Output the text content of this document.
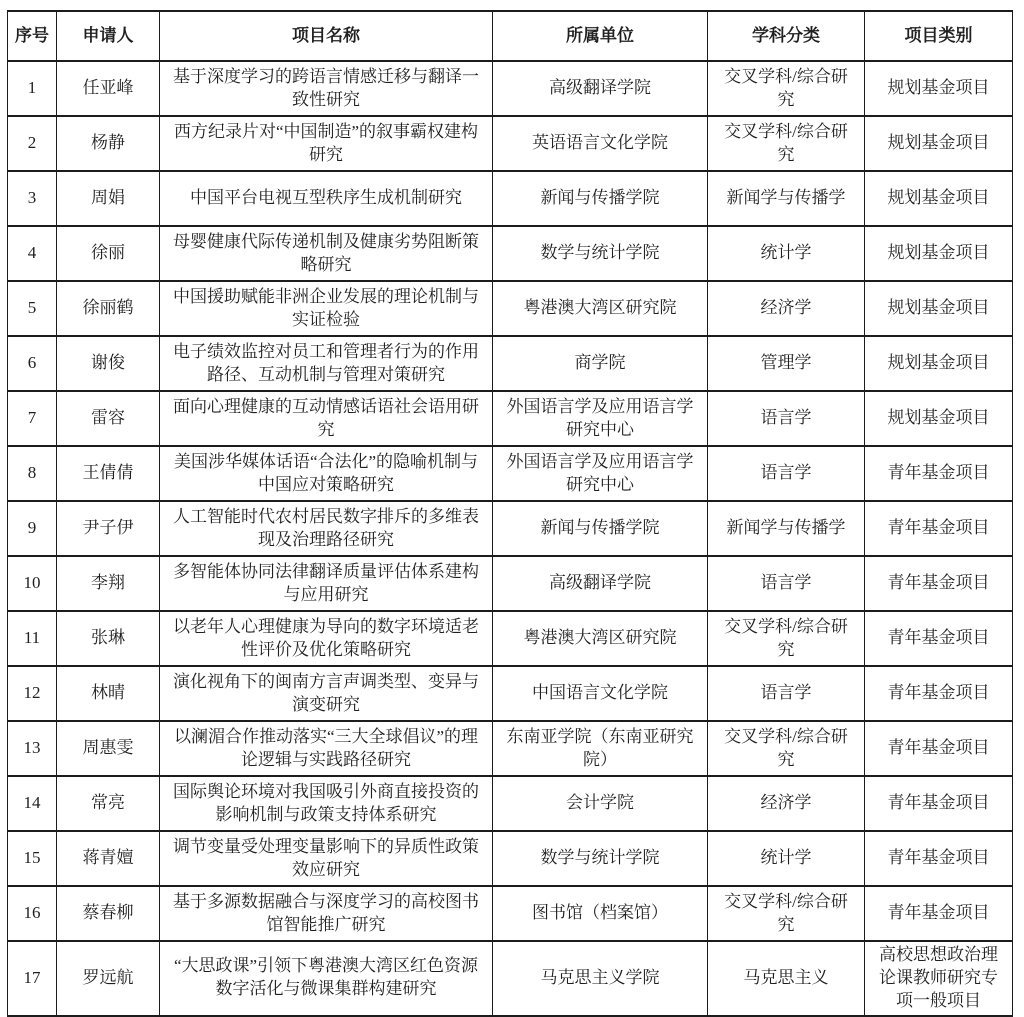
序号	申请人	项目名称	所属单位	学科分类	项目类别
1	任亚峰	基于深度学习的跨语言情感迁移与翻译一致性研究	高级翻译学院	交叉学科/综合研究	规划基金项目
2	杨静	西方纪录片对“中国制造”的叙事霸权建构研究	英语语言文化学院	交叉学科/综合研究	规划基金项目
3	周娟	中国平台电视互型秩序生成机制研究	新闻与传播学院	新闻学与传播学	规划基金项目
4	徐丽	母婴健康代际传递机制及健康劣势阻断策略研究	数学与统计学院	统计学	规划基金项目
5	徐丽鹤	中国援助赋能非洲企业发展的理论机制与实证检验	粤港澳大湾区研究院	经济学	规划基金项目
6	谢俊	电子绩效监控对员工和管理者行为的作用路径、互动机制与管理对策研究	商学院	管理学	规划基金项目
7	雷容	面向心理健康的互动情感话语社会语用研究	外国语言学及应用语言学研究中心	语言学	规划基金项目
8	王倩倩	美国涉华媒体话语“合法化”的隐喻机制与中国应对策略研究	外国语言学及应用语言学研究中心	语言学	青年基金项目
9	尹子伊	人工智能时代农村居民数字排斥的多维表现及治理路径研究	新闻与传播学院	新闻学与传播学	青年基金项目
10	李翔	多智能体协同法律翻译质量评估体系建构与应用研究	高级翻译学院	语言学	青年基金项目
11	张琳	以老年人心理健康为导向的数字环境适老性评价及优化策略研究	粤港澳大湾区研究院	交叉学科/综合研究	青年基金项目
12	林晴	演化视角下的闽南方言声调类型、变异与演变研究	中国语言文化学院	语言学	青年基金项目
13	周惠雯	以澜湄合作推动落实“三大全球倡议”的理论逻辑与实践路径研究	东南亚学院（东南亚研究院）	交叉学科/综合研究	青年基金项目
14	常亮	国际舆论环境对我国吸引外商直接投资的影响机制与政策支持体系研究	会计学院	经济学	青年基金项目
15	蒋青嬗	调节变量受处理变量影响下的异质性政策效应研究	数学与统计学院	统计学	青年基金项目
16	蔡春柳	基于多源数据融合与深度学习的高校图书馆智能推广研究	图书馆（档案馆）	交叉学科/综合研究	青年基金项目
17	罗远航	“大思政课”引领下粤港澳大湾区红色资源数字活化与微课集群构建研究	马克思主义学院	马克思主义	高校思想政治理论课教师研究专项一般项目
